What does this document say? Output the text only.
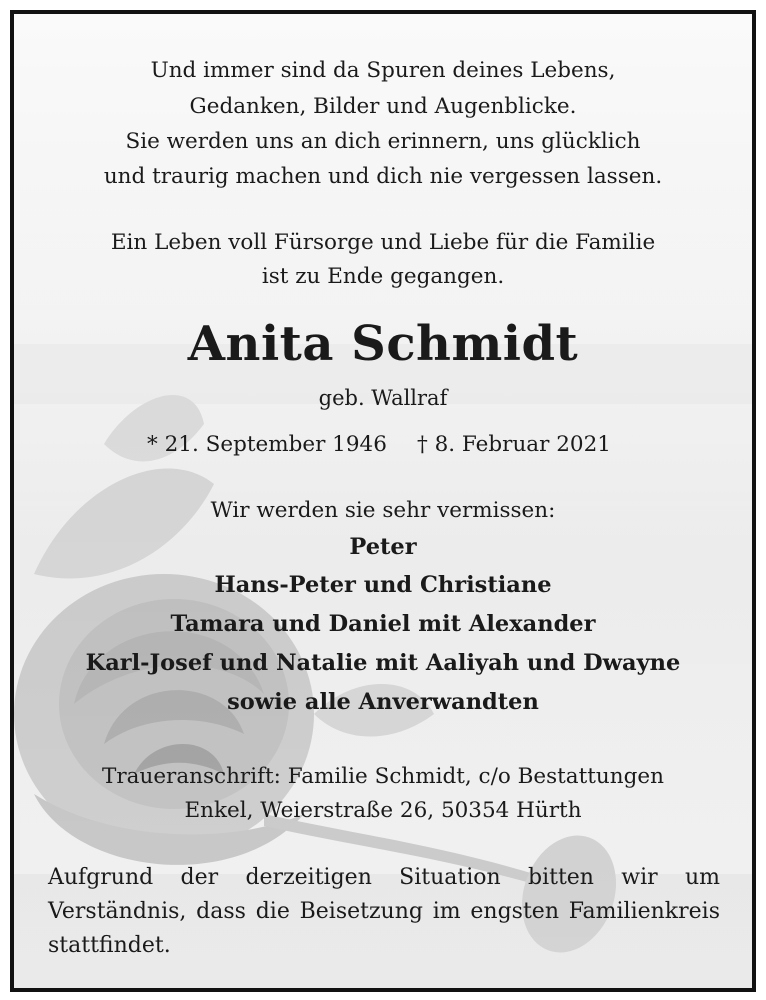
Und immer sind da Spuren deines Lebens,
Gedanken, Bilder und Augenblicke.
Sie werden uns an dich erinnern, uns glücklich
und traurig machen und dich nie vergessen lassen.
Ein Leben voll Fürsorge und Liebe für die Familie
ist zu Ende gegangen.
Anita Schmidt
geb. Wallraf
* 21. September 1946 † 8. Februar 2021
Wir werden sie sehr vermissen:
Peter
Hans-Peter und Christiane
Tamara und Daniel mit Alexander
Karl-Josef und Natalie mit Aaliyah und Dwayne
sowie alle Anverwandten
Traueranschrift: Familie Schmidt, c/o Bestattungen
Enkel, Weierstraße 26, 50354 Hürth
Aufgrund der derzeitigen Situation bitten wir um Verständnis, dass die Beisetzung im engsten Familienkreis stattfindet.
